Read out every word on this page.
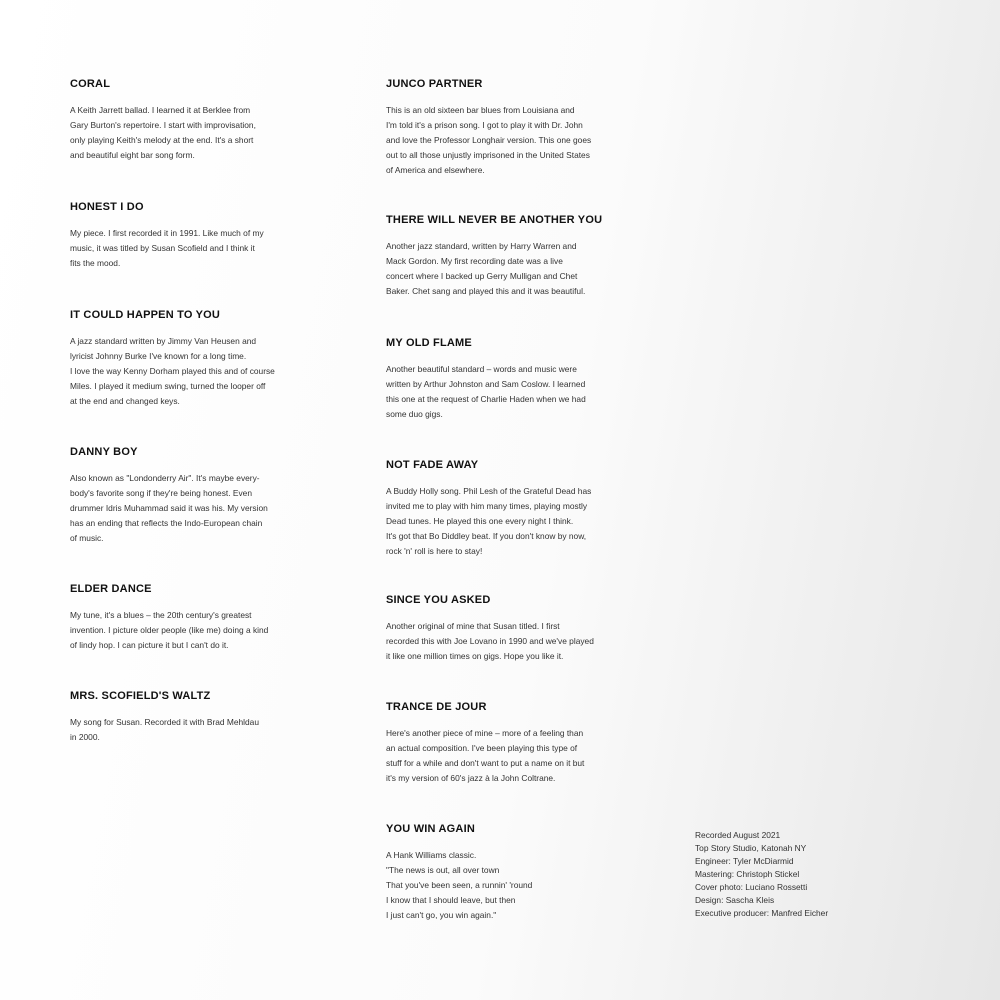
CORAL

A Keith Jarrett ballad. I learned it at Berklee from
Gary Burton's repertoire. I start with improvisation,
only playing Keith's melody at the end. It's a short
and beautiful eight bar song form.

HONEST I DO

My piece. I first recorded it in 1991. Like much of my
music, it was titled by Susan Scofield and I think it
fits the mood.

IT COULD HAPPEN TO YOU

A jazz standard written by Jimmy Van Heusen and
lyricist Johnny Burke I've known for a long time.
I love the way Kenny Dorham played this and of course
Miles. I played it medium swing, turned the looper off
at the end and changed keys.

DANNY BOY

Also known as "Londonderry Air". It's maybe every-
body's favorite song if they're being honest. Even
drummer Idris Muhammad said it was his. My version
has an ending that reflects the Indo-European chain
of music.

ELDER DANCE

My tune, it's a blues – the 20th century's greatest
invention. I picture older people (like me) doing a kind
of lindy hop. I can picture it but I can't do it.

MRS. SCOFIELD'S WALTZ

My song for Susan. Recorded it with Brad Mehldau
in 2000.

JUNCO PARTNER

This is an old sixteen bar blues from Louisiana and
I'm told it's a prison song. I got to play it with Dr. John
and love the Professor Longhair version. This one goes
out to all those unjustly imprisoned in the United States
of America and elsewhere.

THERE WILL NEVER BE ANOTHER YOU

Another jazz standard, written by Harry Warren and
Mack Gordon. My first recording date was a live
concert where I backed up Gerry Mulligan and Chet
Baker. Chet sang and played this and it was beautiful.

MY OLD FLAME

Another beautiful standard – words and music were
written by Arthur Johnston and Sam Coslow. I learned
this one at the request of Charlie Haden when we had
some duo gigs.

NOT FADE AWAY

A Buddy Holly song. Phil Lesh of the Grateful Dead has
invited me to play with him many times, playing mostly
Dead tunes. He played this one every night I think.
It's got that Bo Diddley beat. If you don't know by now,
rock 'n' roll is here to stay!

SINCE YOU ASKED

Another original of mine that Susan titled. I first
recorded this with Joe Lovano in 1990 and we've played
it like one million times on gigs. Hope you like it.

TRANCE DE JOUR

Here's another piece of mine – more of a feeling than
an actual composition. I've been playing this type of
stuff for a while and don't want to put a name on it but
it's my version of 60's jazz à la John Coltrane.

YOU WIN AGAIN

A Hank Williams classic.

"The news is out, all over town
That you've been seen, a runnin' 'round
I know that I should leave, but then
I just can't go, you win again."

Recorded August 2021
Top Story Studio, Katonah NY
Engineer: Tyler McDiarmid
Mastering: Christoph Stickel
Cover photo: Luciano Rossetti
Design: Sascha Kleis
Executive producer: Manfred Eicher
